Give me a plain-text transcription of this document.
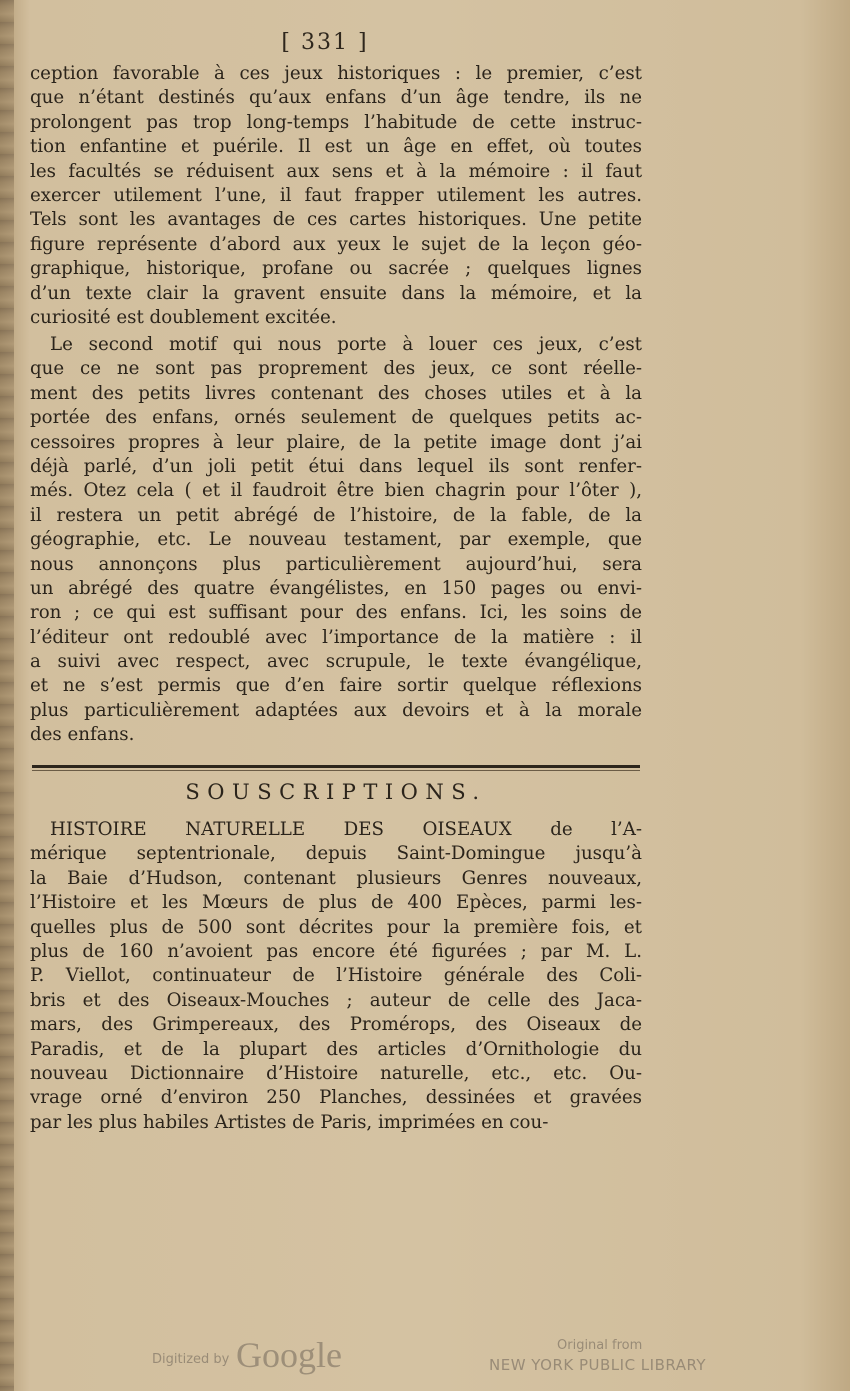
[ 331 ]
ception favorable à ces jeux historiques : le premier, c’est
que n’étant destinés qu’aux enfans d’un âge tendre, ils ne
prolongent pas trop long-temps l’habitude de cette instruc-
tion enfantine et puérile. Il est un âge en effet, où toutes
les facultés se réduisent aux sens et à la mémoire : il faut
exercer utilement l’une, il faut frapper utilement les autres.
Tels sont les avantages de ces cartes historiques. Une petite
figure représente d’abord aux yeux le sujet de la leçon géo-
graphique, historique, profane ou sacrée ; quelques lignes
d’un texte clair la gravent ensuite dans la mémoire, et la
curiosité est doublement excitée.
Le second motif qui nous porte à louer ces jeux, c’est
que ce ne sont pas proprement des jeux, ce sont réelle-
ment des petits livres contenant des choses utiles et à la
portée des enfans, ornés seulement de quelques petits ac-
cessoires propres à leur plaire, de la petite image dont j’ai
déjà parlé, d’un joli petit étui dans lequel ils sont renfer-
més. Otez cela ( et il faudroit être bien chagrin pour l’ôter ),
il restera un petit abrégé de l’histoire, de la fable, de la
géographie, etc. Le nouveau testament, par exemple, que
nous annonçons plus particulièrement aujourd’hui, sera
un abrégé des quatre évangélistes, en 150 pages ou envi-
ron ; ce qui est suffisant pour des enfans. Ici, les soins de
l’éditeur ont redoublé avec l’importance de la matière : il
a suivi avec respect, avec scrupule, le texte évangélique,
et ne s’est permis que d’en faire sortir quelque réflexions
plus particulièrement adaptées aux devoirs et à la morale
des enfans.
SOUSCRIPTIONS.
HISTOIRE NATURELLE DES OISEAUX de l’A-
mérique septentrionale, depuis Saint-Domingue jusqu’à
la Baie d’Hudson, contenant plusieurs Genres nouveaux,
l’Histoire et les Mœurs de plus de 400 Epèces, parmi les-
quelles plus de 500 sont décrites pour la première fois, et
plus de 160 n’avoient pas encore été figurées ; par M. L.
P. Viellot, continuateur de l’Histoire générale des Coli-
bris et des Oiseaux-Mouches ; auteur de celle des Jaca-
mars, des Grimpereaux, des Promérops, des Oiseaux de
Paradis, et de la plupart des articles d’Ornithologie du
nouveau Dictionnaire d’Histoire naturelle, etc., etc. Ou-
vrage orné d’environ 250 Planches, dessinées et gravées
par les plus habiles Artistes de Paris, imprimées en cou-
Digitized by Google	Original from
NEW YORK PUBLIC LIBRARY
